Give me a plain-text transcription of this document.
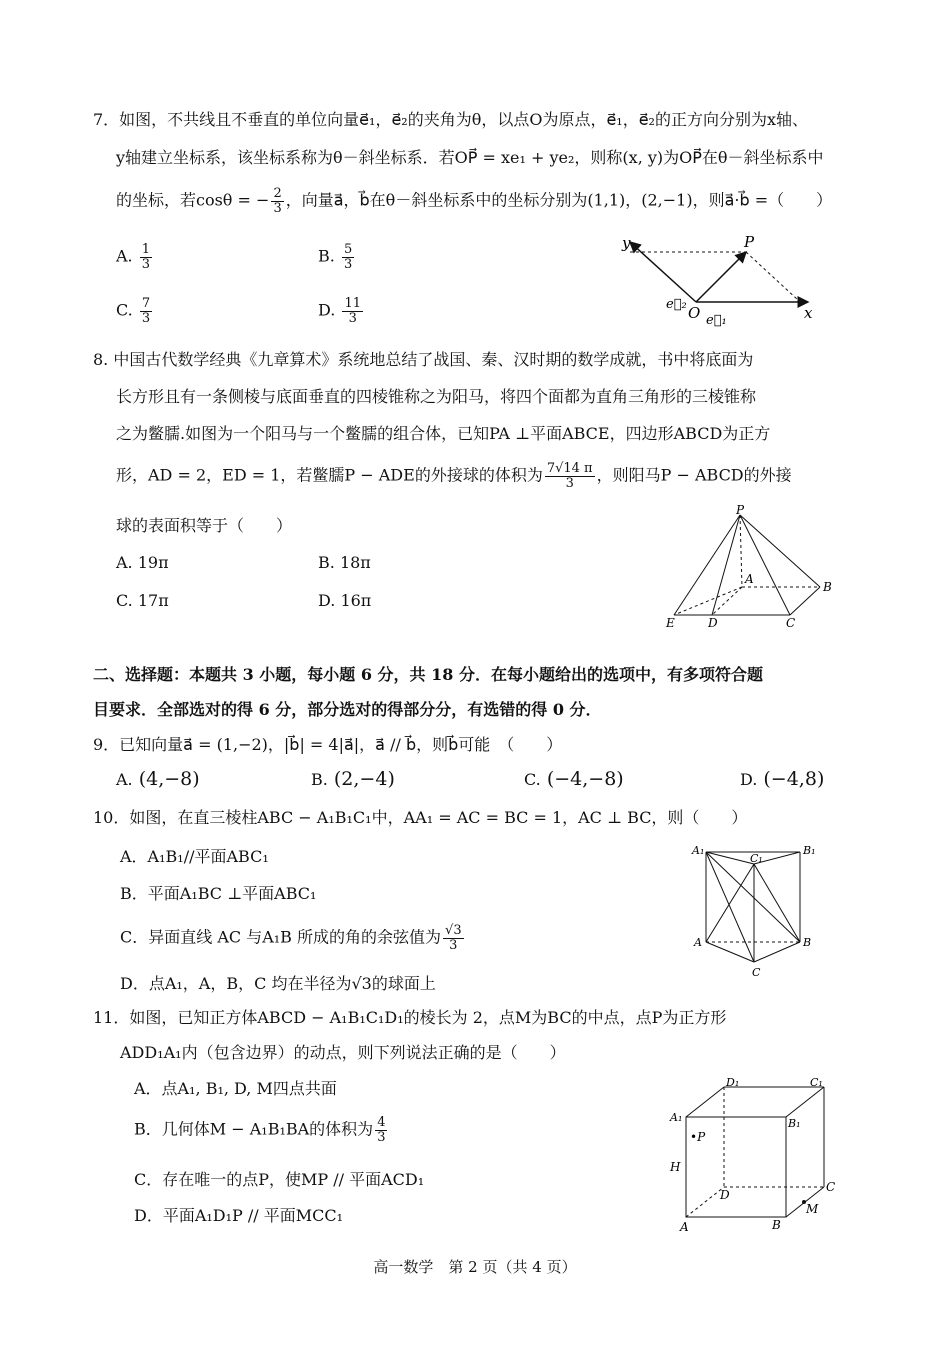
7．如图，不共线且不垂直的单位向量e⃗₁，e⃗₂的夹角为θ，以点O为原点，e⃗₁，e⃗₂的正方向分别为x轴、
y轴建立坐标系，该坐标系称为θ－斜坐标系．若OP⃗ = xe₁ + ye₂，则称(x, y)为OP⃗在θ－斜坐标系中
的坐标，若cosθ = − $\frac{2}{3}$ ，向量a⃗，b⃗在θ－斜坐标系中的坐标分别为(1,1)，(2,−1)，则a⃗·b⃗ =（　　）
A. $\frac{1}{3}$	B. $\frac{5}{3}$
C. $\frac{7}{3}$	D. $\frac{11}{3}$
y	P
e⃗₂ O e⃗₁	x
8. 中国古代数学经典《九章算术》系统地总结了战国、秦、汉时期的数学成就，书中将底面为
长方形且有一条侧棱与底面垂直的四棱锥称之为阳马，将四个面都为直角三角形的三棱锥称
之为鳖臑.如图为一个阳马与一个鳖臑的组合体，已知PA ⊥平面ABCE，四边形ABCD为正方
形，AD = 2，ED = 1，若鳖臑P − ADE的外接球的体积为 $\frac{7√14 \pi}{3}$ ，则阳马P − ABCD的外接
球的表面积等于（　　）
A. 19π	B. 18π
C. 17π	D. 16π
P
A
B
E	D	C
二、选择题：本题共 3 小题，每小题 6 分，共 18 分．在每小题给出的选项中，有多项符合题
目要求．全部选对的得 6 分，部分选对的得部分分，有选错的得 0 分．
9．已知向量a⃗ = (1,−2)，|b⃗| = 4|a⃗|，a⃗ // b⃗，则b⃗可能　（　　）
A. (4,−8)	B. (2,−4)	C. (−4,−8)	D. (−4,8)
10．如图，在直三棱柱ABC − A₁B₁C₁中，AA₁ = AC = BC = 1，AC ⊥ BC，则（　　）
A．A₁B₁//平面ABC₁
B．平面A₁BC ⊥平面ABC₁
C．异面直线 AC 与A₁B 所成的角的余弦值为 $\frac{√3}{3}$
D．点A₁，A，B，C 均在半径为√3的球面上
A₁
C₁
B₁
A	B
C
11．如图，已知正方体ABCD − A₁B₁C₁D₁的棱长为 2，点M为BC的中点，点P为正方形
ADD₁A₁内（包含边界）的动点，则下列说法正确的是（　　）
A．点A₁, B₁, D, M四点共面
B．几何体M − A₁B₁BA的体积为 $\frac{4}{3}$
C．存在唯一的点P，使MP // 平面ACD₁
D．平面A₁D₁P // 平面MCC₁
D₁	C₁
A₁	B₁
•P
H
D
C
M
A	B
高一数学　第 2 页（共 4 页）
